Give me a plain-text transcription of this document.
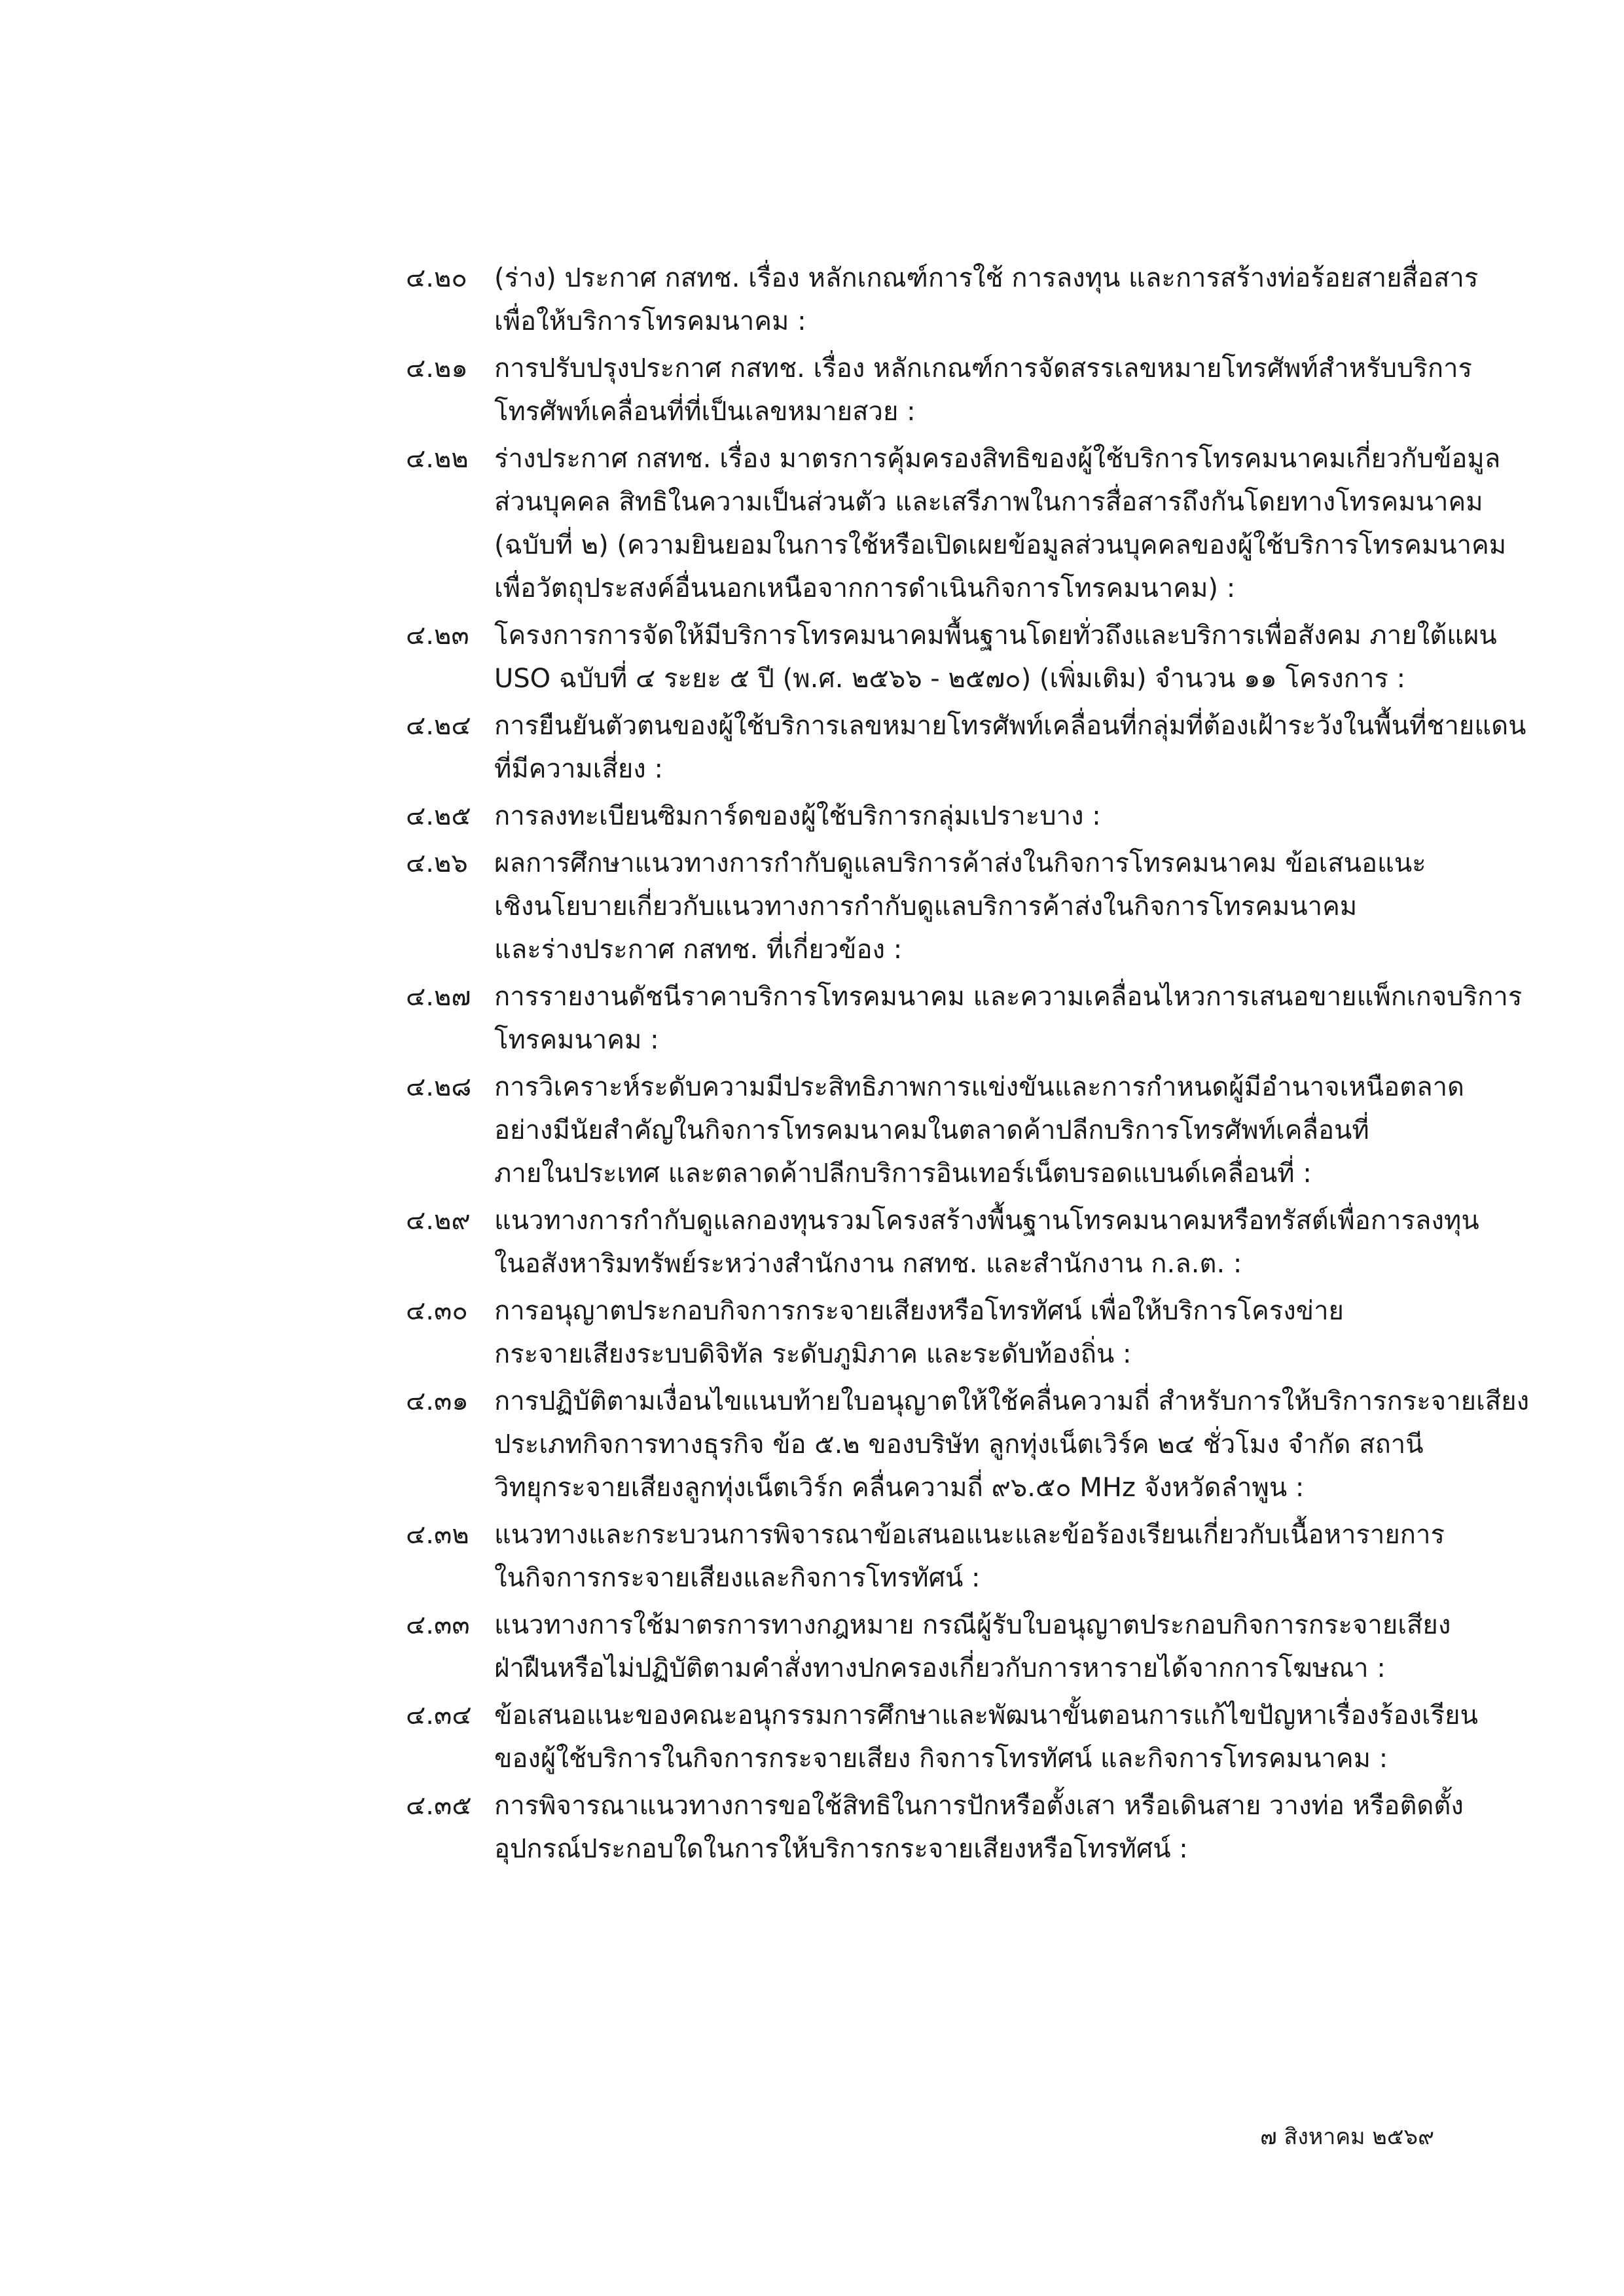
๔.๒๐	(ร่าง) ประกาศ กสทช. เรื่อง หลักเกณฑ์การใช้ การลงทุน และการสร้างท่อร้อยสายสื่อสาร
เพื่อให้บริการโทรคมนาคม :
๔.๒๑	การปรับปรุงประกาศ กสทช. เรื่อง หลักเกณฑ์การจัดสรรเลขหมายโทรศัพท์สำหรับบริการ
โทรศัพท์เคลื่อนที่ที่เป็นเลขหมายสวย :
๔.๒๒ ร่างประกาศ กสทช. เรื่อง มาตรการคุ้มครองสิทธิของผู้ใช้บริการโทรคมนาคมเกี่ยวกับข้อมูล
ส่วนบุคคล สิทธิในความเป็นส่วนตัว และเสรีภาพในการสื่อสารถึงกันโดยทางโทรคมนาคม
(ฉบับที่ ๒) (ความยินยอมในการใช้หรือเปิดเผยข้อมูลส่วนบุคคลของผู้ใช้บริการโทรคมนาคม
เพื่อวัตถุประสงค์อื่นนอกเหนือจากการดำเนินกิจการโทรคมนาคม) :
๔.๒๓ โครงการการจัดให้มีบริการโทรคมนาคมพื้นฐานโดยทั่วถึงและบริการเพื่อสังคม ภายใต้แผน
USO ฉบับที่ ๔ ระยะ ๕ ปี (พ.ศ. ๒๕๖๖ - ๒๕๗๐) (เพิ่มเติม) จำนวน ๑๑ โครงการ :
๔.๒๔ การยืนยันตัวตนของผู้ใช้บริการเลขหมายโทรศัพท์เคลื่อนที่กลุ่มที่ต้องเฝ้าระวังในพื้นที่ชายแดน
ที่มีความเสี่ยง :
๔.๒๕ การลงทะเบียนซิมการ์ดของผู้ใช้บริการกลุ่มเปราะบาง :
๔.๒๖	ผลการศึกษาแนวทางการกำกับดูแลบริการค้าส่งในกิจการโทรคมนาคม ข้อเสนอแนะ
เชิงนโยบายเกี่ยวกับแนวทางการกำกับดูแลบริการค้าส่งในกิจการโทรคมนาคม
และร่างประกาศ กสทช. ที่เกี่ยวข้อง :
๔.๒๗ การรายงานดัชนีราคาบริการโทรคมนาคม และความเคลื่อนไหวการเสนอขายแพ็กเกจบริการ
โทรคมนาคม :
๔.๒๘ การวิเคราะห์ระดับความมีประสิทธิภาพการแข่งขันและการกำหนดผู้มีอำนาจเหนือตลาด
อย่างมีนัยสำคัญในกิจการโทรคมนาคมในตลาดค้าปลีกบริการโทรศัพท์เคลื่อนที่
ภายในประเทศ และตลาดค้าปลีกบริการอินเทอร์เน็ตบรอดแบนด์เคลื่อนที่ :
๔.๒๙ แนวทางการกำกับดูแลกองทุนรวมโครงสร้างพื้นฐานโทรคมนาคมหรือทรัสต์เพื่อการลงทุน
ในอสังหาริมทรัพย์ระหว่างสำนักงาน กสทช. และสำนักงาน ก.ล.ต. :
๔.๓๐	การอนุญาตประกอบกิจการกระจายเสียงหรือโทรทัศน์ เพื่อให้บริการโครงข่าย
กระจายเสียงระบบดิจิทัล ระดับภูมิภาค และระดับท้องถิ่น :
๔.๓๑ การปฏิบัติตามเงื่อนไขแนบท้ายใบอนุญาตให้ใช้คลื่นความถี่ สำหรับการให้บริการกระจายเสียง
ประเภทกิจการทางธุรกิจ ข้อ ๕.๒ ของบริษัท ลูกทุ่งเน็ตเวิร์ค ๒๔ ชั่วโมง จำกัด สถานี
วิทยุกระจายเสียงลูกทุ่งเน็ตเวิร์ก คลื่นความถี่ ๙๖.๕๐ MHz จังหวัดลำพูน :
๔.๓๒ แนวทางและกระบวนการพิจารณาข้อเสนอแนะและข้อร้องเรียนเกี่ยวกับเนื้อหารายการ
ในกิจการกระจายเสียงและกิจการโทรทัศน์ :
๔.๓๓ แนวทางการใช้มาตรการทางกฎหมาย กรณีผู้รับใบอนุญาตประกอบกิจการกระจายเสียง
ฝ่าฝืนหรือไม่ปฏิบัติตามคำสั่งทางปกครองเกี่ยวกับการหารายได้จากการโฆษณา :
๔.๓๔ ข้อเสนอแนะของคณะอนุกรรมการศึกษาและพัฒนาขั้นตอนการแก้ไขปัญหาเรื่องร้องเรียน
ของผู้ใช้บริการในกิจการกระจายเสียง กิจการโทรทัศน์ และกิจการโทรคมนาคม :
๔.๓๕ การพิจารณาแนวทางการขอใช้สิทธิในการปักหรือตั้งเสา หรือเดินสาย วางท่อ หรือติดตั้ง
อุปกรณ์ประกอบใดในการให้บริการกระจายเสียงหรือโทรทัศน์ :
๗ สิงหาคม ๒๕๖๙
